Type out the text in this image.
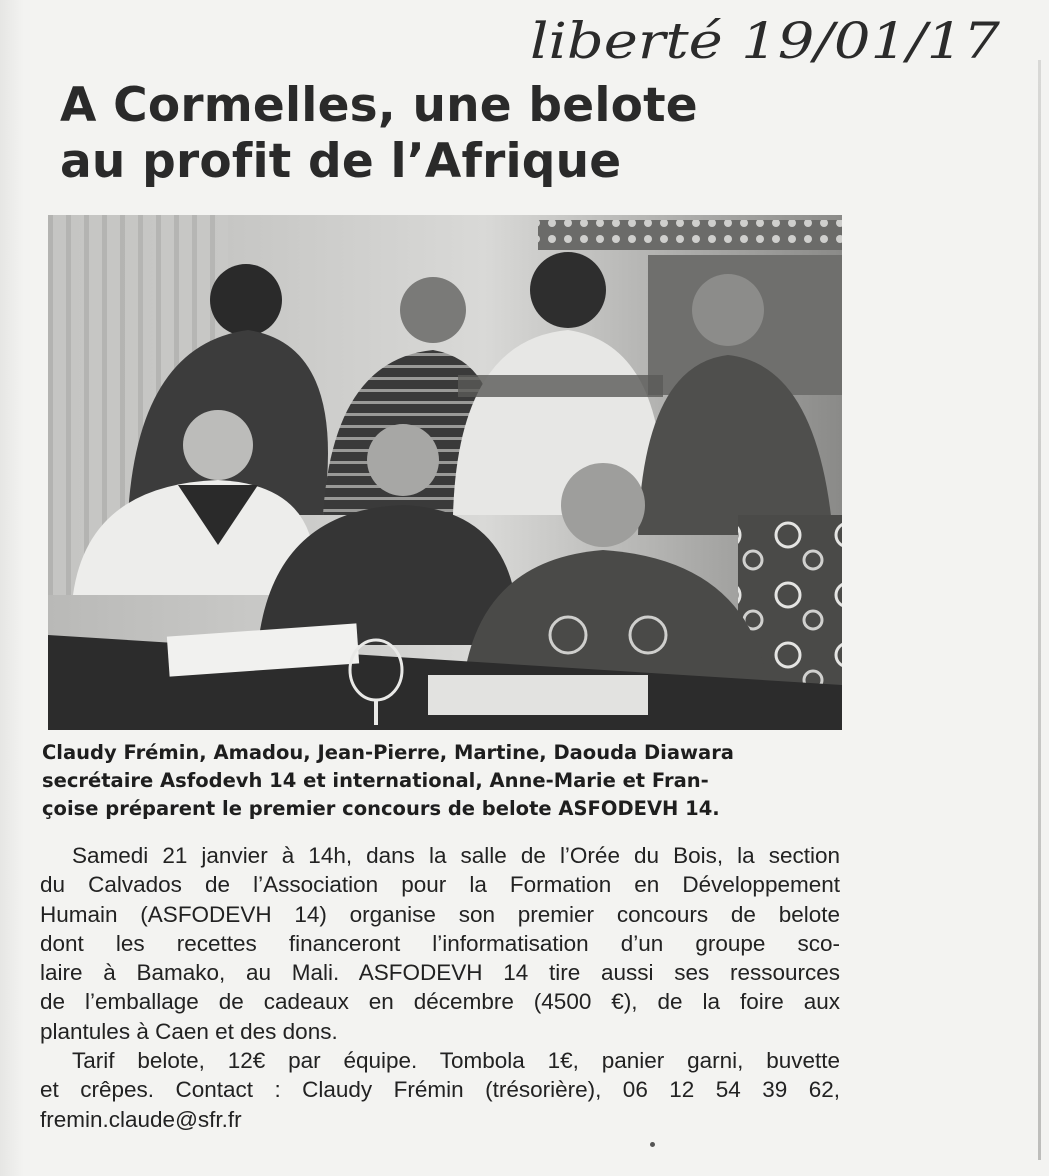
liberté 19/01/17
A Cormelles, une belote
au profit de l’Afrique
Claudy Frémin, Amadou, Jean-Pierre, Martine, Daouda Diawara
secrétaire Asfodevh 14 et international, Anne-Marie et Fran-
çoise préparent le premier concours de belote ASFODEVH 14.
Samedi 21 janvier à 14h, dans la salle de l’Orée du Bois, la section
du Calvados de l’Association pour la Formation en Développement
Humain (ASFODEVH 14) organise son premier concours de belote
dont les recettes financeront l’informatisation d’un groupe sco-
laire à Bamako, au Mali. ASFODEVH 14 tire aussi ses ressources
de l’emballage de cadeaux en décembre (4500 €), de la foire aux
plantules à Caen et des dons.
Tarif belote, 12€ par équipe. Tombola 1€, panier garni, buvette
et crêpes. Contact : Claudy Frémin (trésorière), 06 12 54 39 62,
fremin.claude@sfr.fr
